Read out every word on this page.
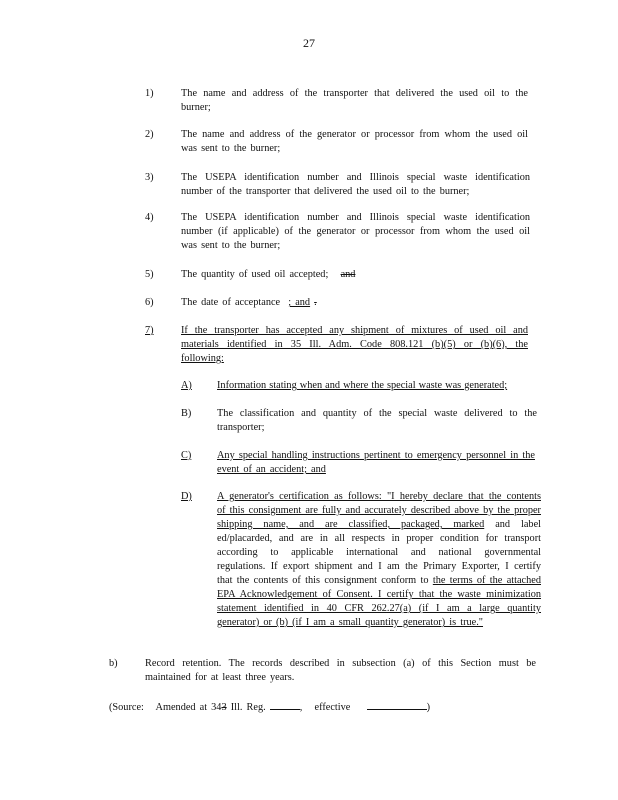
27
1)	The name and address of the transporter that delivered the used oil to the burner;
2)	The name and address of the generator or processor from whom the used oil was sent to the burner;
3)	The USEPA identification number and Illinois special waste identification number of the transporter that delivered the used oil to the burner;
4)	The USEPA identification number and Illinois special waste identification number (if applicable) of the generator or processor from whom the used oil was sent to the burner;
5)	The quantity of used oil accepted; and
6)	The date of acceptance ; and .
7)	If the transporter has accepted any shipment of mixtures of used oil and materials identified in 35 Ill. Adm. Code 808.121 (b)(5) or (b)(6), the following:
A) Information stating when and where the special waste was generated;
B) The classification and quantity of the special waste delivered to the transporter;
C) Any special handling instructions pertinent to emergency personnel in the event of an accident; and
D) A generator's certification as follows: "I hereby declare that the contents of this consignment are fully and accurately described above by the proper shipping name, and are classified, packaged, marked and label ed/placarded, and are in all respects in proper condition for transport according to applicable international and national governmental regulations. If export shipment and I am the Primary Exporter, I certify that the contents of this consignment conform to the terms of the attached EPA Acknowledgement of Consent. I certify that the waste minimization statement identified in 40 CFR 262.27(a) (if I am a large quantity generator) or (b) (if I am a small quantity generator) is true."
b)	Record retention. The records described in subsection (a) of this Section must be maintained for at least three years.
(Source: Amended at 343 Ill. Reg.	,   effective	)
